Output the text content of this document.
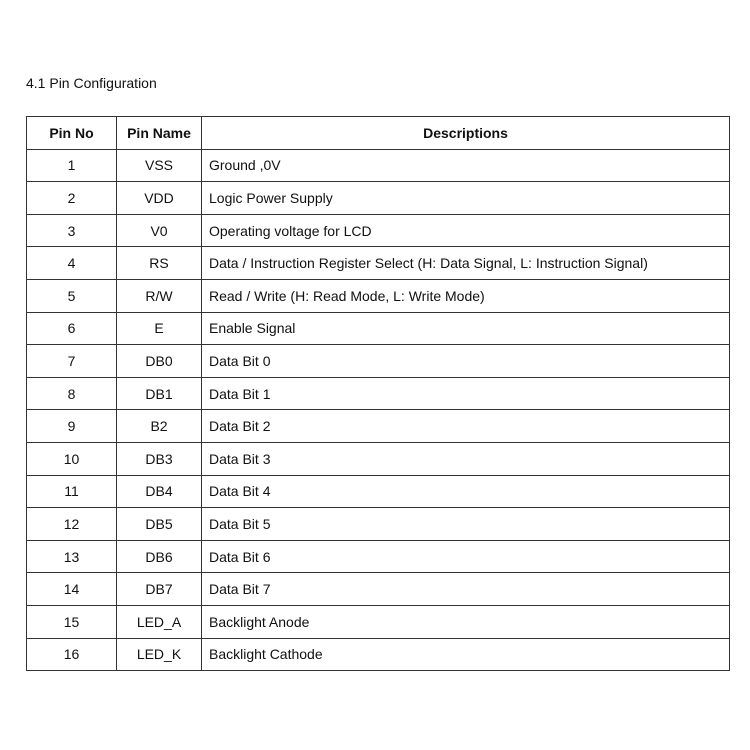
4.1 Pin Configuration
Pin No	Pin Name	Descriptions
1	VSS	Ground ,0V
2	VDD	Logic Power Supply
3	V0	Operating voltage for LCD
4	RS	Data / Instruction Register Select (H: Data Signal, L: Instruction Signal)
5	R/W	Read / Write (H: Read Mode, L: Write Mode)
6	E	Enable Signal
7	DB0	Data Bit 0
8	DB1	Data Bit 1
9	B2	Data Bit 2
10	DB3	Data Bit 3
11	DB4	Data Bit 4
12	DB5	Data Bit 5
13	DB6	Data Bit 6
14	DB7	Data Bit 7
15	LED_A	Backlight Anode
16	LED_K	Backlight Cathode
